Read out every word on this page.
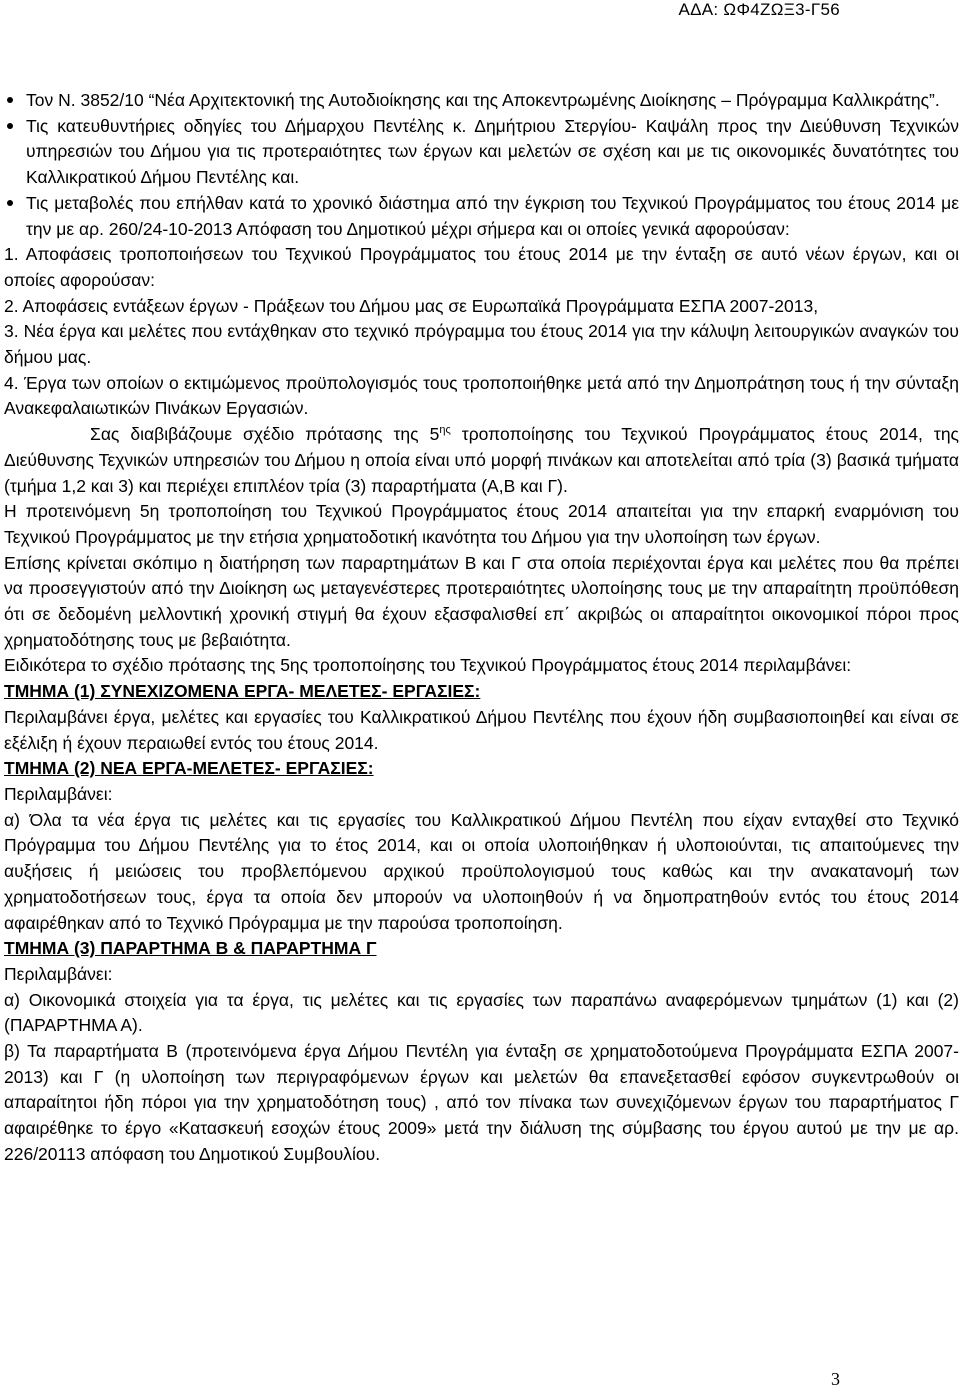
ΑΔΑ: ΩΦ4ΖΩΞ3-Γ56

Τον Ν. 3852/10 “Νέα Αρχιτεκτονική της Αυτοδιοίκησης και της Αποκεντρωμένης Διοίκησης – Πρόγραμμα Καλλικράτης”.

Τις κατευθυντήριες οδηγίες του Δήμαρχου Πεντέλης κ. Δημήτριου Στεργίου- Καψάλη προς την Διεύθυνση Τεχνικών υπηρεσιών του Δήμου για τις προτεραιότητες των έργων και μελετών σε σχέση και με τις οικονομικές δυνατότητες του Καλλικρατικού Δήμου Πεντέλης και.

Τις μεταβολές που επήλθαν κατά το χρονικό διάστημα από την έγκριση του Τεχνικού Προγράμματος του έτους 2014 με την με αρ. 260/24-10-2013 Απόφαση του Δημοτικού μέχρι σήμερα και οι οποίες γενικά αφορούσαν:

1. Αποφάσεις τροποποιήσεων του Τεχνικού Προγράμματος του έτους 2014 με την ένταξη σε αυτό νέων έργων, και οι οποίες αφορούσαν:

2. Αποφάσεις εντάξεων έργων - Πράξεων του Δήμου μας σε Ευρωπαϊκά Προγράμματα ΕΣΠΑ 2007-2013,

3. Νέα έργα και μελέτες που εντάχθηκαν στο τεχνικό πρόγραμμα του έτους 2014 για την κάλυψη λειτουργικών αναγκών του δήμου μας.

4. Έργα των οποίων ο εκτιμώμενος προϋπολογισμός τους τροποποιήθηκε μετά από την Δημοπράτηση τους ή την σύνταξη Ανακεφαλαιωτικών Πινάκων Εργασιών.

Σας διαβιβάζουμε σχέδιο πρότασης της $5^{\eta\varsigma}$ τροποποίησης του Τεχνικού Προγράμματος έτους 2014, της Διεύθυνσης Τεχνικών υπηρεσιών του Δήμου η οποία είναι υπό μορφή πινάκων και αποτελείται από τρία (3) βασικά τμήματα (τμήμα 1,2 και 3) και περιέχει επιπλέον τρία (3) παραρτήματα (Α,Β και Γ).

Η προτεινόμενη 5η τροποποίηση του Τεχνικού Προγράμματος έτους 2014 απαιτείται για την επαρκή εναρμόνιση του Τεχνικού Προγράμματος με την ετήσια χρηματοδοτική ικανότητα του Δήμου για την υλοποίηση των έργων.

Επίσης κρίνεται σκόπιμο η διατήρηση των παραρτημάτων Β και Γ στα οποία περιέχονται έργα και μελέτες που θα πρέπει να προσεγγιστούν από την Διοίκηση ως μεταγενέστερες προτεραιότητες υλοποίησης τους με την απαραίτητη προϋπόθεση ότι σε δεδομένη μελλοντική χρονική στιγμή θα έχουν εξασφαλισθεί επ΄ ακριβώς οι απαραίτητοι οικονομικοί πόροι προς χρηματοδότησης τους με βεβαιότητα.

Ειδικότερα το σχέδιο πρότασης της 5ης τροποποίησης του Τεχνικού Προγράμματος έτους 2014 περιλαμβάνει:

ΤΜΗΜΑ (1) ΣΥΝΕΧΙΖΟΜΕΝΑ ΕΡΓΑ- ΜΕΛΕΤΕΣ- ΕΡΓΑΣΙΕΣ:

Περιλαμβάνει έργα, μελέτες και εργασίες του Καλλικρατικού Δήμου Πεντέλης που έχουν ήδη συμβασιοποιηθεί και είναι σε εξέλιξη ή έχουν περαιωθεί εντός του έτους 2014.

ΤΜΗΜΑ (2) ΝΕΑ ΕΡΓΑ-ΜΕΛΕΤΕΣ- ΕΡΓΑΣΙΕΣ:

Περιλαμβάνει:

α) Όλα τα νέα έργα τις μελέτες και τις εργασίες του Καλλικρατικού Δήμου Πεντέλη που είχαν ενταχθεί στο Τεχνικό Πρόγραμμα του Δήμου Πεντέλης για το έτος 2014, και οι οποία υλοποιήθηκαν ή υλοποιούνται, τις απαιτούμενες την αυξήσεις ή μειώσεις του προβλεπόμενου αρχικού προϋπολογισμού τους καθώς και την ανακατανομή των χρηματοδοτήσεων τους, έργα τα οποία δεν μπορούν να υλοποιηθούν ή να δημοπρατηθούν εντός του έτους 2014 αφαιρέθηκαν από το Τεχνικό Πρόγραμμα με την παρούσα τροποποίηση.

ΤΜΗΜΑ (3) ΠΑΡΑΡΤΗΜΑ Β & ΠΑΡΑΡΤΗΜΑ Γ

Περιλαμβάνει:

α) Οικονομικά στοιχεία για τα έργα, τις μελέτες και τις εργασίες των παραπάνω αναφερόμενων τμημάτων (1) και (2) (ΠΑΡΑΡΤΗΜΑ Α).

β) Τα παραρτήματα Β (προτεινόμενα έργα Δήμου Πεντέλη για ένταξη σε χρηματοδοτούμενα Προγράμματα ΕΣΠΑ 2007-2013) και Γ (η υλοποίηση των περιγραφόμενων έργων και μελετών θα επανεξετασθεί εφόσον συγκεντρωθούν οι απαραίτητοι ήδη πόροι για την χρηματοδότηση τους) , από τον πίνακα των συνεχιζόμενων έργων του παραρτήματος Γ αφαιρέθηκε το έργο «Κατασκευή εσοχών έτους 2009» μετά την διάλυση της σύμβασης του έργου αυτού με την με αρ. 226/20113 απόφαση του Δημοτικού Συμβουλίου.

3
